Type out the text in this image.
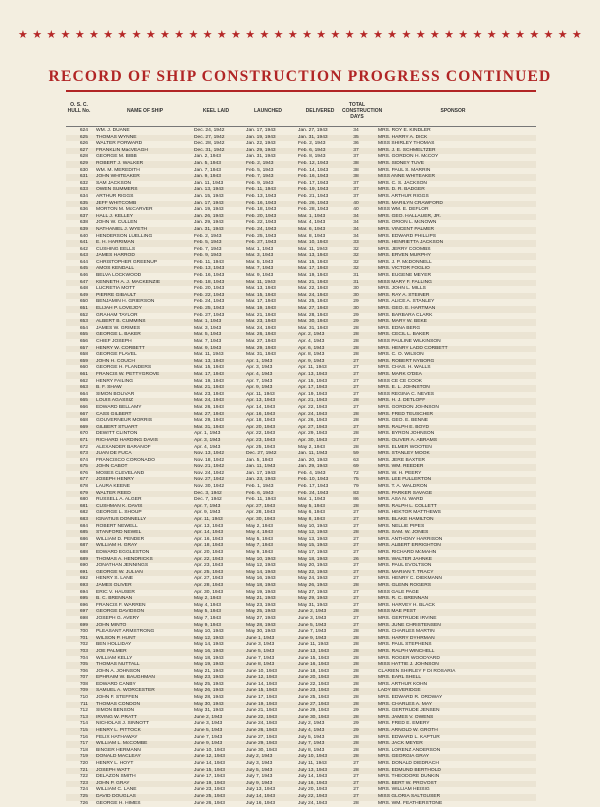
★ ★ ★ ★ ★ ★ ★ ★ ★ ★ ★ ★ ★ ★ ★ ★ ★ ★ ★ ★ ★ ★ ★ ★ ★ ★ ★ ★ ★ ★ ★ ★ ★ ★ ★ ★ ★ ★ ★ ★
RECORD OF SHIP CONSTRUCTION PROGRESS CONTINUED
O. S. C. HULL No.	NAME OF SHIP	KEEL LAID	LAUNCHED	DELIVERED
TOTAL CONSTRUCTION DAYS
SPONSOR
624 WM. J. DUANE	Dec. 24, 1942	Jan. 17, 1943	Jan. 27, 1943	34	MRS. ROY E. KINDLER
625 THOMAS WYNNE	Dec. 27, 1942	Jan. 19, 1943	Jan. 31, 1943	35	MRS. HARRY A. DICK
626 WALTER FORWARD	Dec. 28, 1942	Jan. 22, 1943	Feb. 2, 1943	36	MISS SHIRLEY THOMAS
627 FRANKLIN MacVEAGH	Dec. 31, 1942	Jan. 29, 1943	Feb. 6, 1943	37	MRS. J. E. SCHMELTZER
628 GEORGE M. BIBB	Jan. 2, 1943	Jan. 31, 1943	Feb. 8, 1943	37	MRS. GORDON H. McCOY
629 ROBERT J. WALKER	Jan. 5, 1943	Feb. 2, 1943	Feb. 12, 1943	38	MRS. SIDNEY TUVE
630 WM. M. MEREDITH	Jan. 7, 1943	Feb. 5, 1943	Feb. 14, 1943	38	MRS. PAUL S. MARRIN
631 JOHN WHITEAKER	Jan. 9, 1943	Feb. 7, 1943	Feb. 16, 1943	38	MISS ANNE WHITEAKER
632 SAM JACKSON	Jan. 11, 1943	Feb. 9, 1943	Feb. 17, 1943	37	MRS. C. S. JACKSON
633 OWEN SUMMERS	Jan. 13, 1943	Feb. 11, 1943	Feb. 19, 1943	37	MRS. D. R. BADGER
634 ARTHUR RIGGS	Jan. 15, 1943	Feb. 13, 1943	Feb. 21, 1943	37	MRS. ARTHUR RIGGS
635 JEFF WHITCOMB	Jan. 17, 1943	Feb. 16, 1943	Feb. 26, 1943	40	MRS. MARILYN CRAWFORD
636 MORTON M. McCARVER	Jan. 19, 1943	Feb. 18, 1943	Feb. 28, 1943	40	MISS WM. E. DEFLOR
637 HALL J. KELLEY	Jan. 26, 1943	Feb. 20, 1943	Mar. 1, 1943	34	MRS. GEO. HALLAUER, JR.
638 JOHN W. CULLEN	Jan. 29, 1943	Feb. 22, 1943	Mar. 4, 1943	34	MRS. ORION L. McNOWN
639 NATHANIEL J. WYETH	Jan. 31, 1943	Feb. 24, 1943	Mar. 6, 1943	34	MRS. VINCENT PALMER
640 HENDERSON LUELLING	Feb. 2, 1943	Feb. 25, 1943	Mar. 8, 1943	34	MRS. EDWARD PHILLIPS
641 E. H. HARRIMAN	Feb. 5, 1943	Feb. 27, 1943	Mar. 10, 1943	33	MRS. HENRIETTA JACKSON
642 CUSHING EELLS	Feb. 7, 1943	Mar. 1, 1943	Mar. 11, 1943	32	MRS. JERRY COOMBS
643 JAMES HARROD	Feb. 9, 1943	Mar. 3, 1943	Mar. 13, 1943	32	MRS. ERVEN MURPHY
644 CHRISTOPHER GREENUP	Feb. 11, 1943	Mar. 5, 1943	Mar. 15, 1943	32	MRS. J. P. McDONNELL
645 AMOS KENDALL	Feb. 13, 1943	Mar. 7, 1943	Mar. 17, 1943	32	MRS. VICTOR FOGLIO
646 BELVA LOCKWOOD	Feb. 16, 1943	Mar. 9, 1943	Mar. 19, 1943	31	MRS. EUGENE MEYER
647 KENNETH A. J. MACKENZIE	Feb. 18, 1943	Mar. 11, 1943	Mar. 21, 1943	31	MISS MARY F. FALLING
648 LUCRETIA MOTT	Feb. 20, 1943	Mar. 13, 1943	Mar. 22, 1943	30	MRS. JOHN L. MILLS
649 PIERRE GIBAULT	Feb. 22, 1943	Mar. 15, 1943	Mar. 24, 1943	30	MRS. RAY A. STEINER
650 BENJAMIN H. GRIERSON	Feb. 24, 1943	Mar. 17, 1943	Mar. 25, 1943	29	MRS. ALICE A. STANLEY
651 ELIJAH P. LOVEJOY	Feb. 25, 1943	Mar. 19, 1943	Mar. 27, 1943	30	MRS. GEO. E. HARTMAN
652 GRAHAM TAYLOR	Feb. 27, 1943	Mar. 21, 1943	Mar. 28, 1943	29	MRS. BARBARA CLARK
653 ALBERT B. CUMMINS	Mar. 1, 1943	Mar. 23, 1943	Mar. 30, 1943	29	MRS. MARY W. BEKE
654 JAMES W. GRIMES	Mar. 3, 1943	Mar. 24, 1943	Mar. 31, 1943	28	MRS. EDNA BERG
655 GEORGE L. BAKER	Mar. 5, 1943	Mar. 26, 1943	Apr. 2, 1943	28	MRS. CECIL L. BAKER
656 CHIEF JOSEPH	Mar. 7, 1943	Mar. 27, 1943	Apr. 4, 1943	28	MISS PAULINE WILKINSON
657 HENRY W. CORBETT	Mar. 9, 1943	Mar. 29, 1943	Apr. 6, 1943	28	MRS. HENRY LADD CORBETT
658 GEORGE FLAVEL	Mar. 11, 1943	Mar. 31, 1943	Apr. 8, 1943	28	MRS. C. O. WILSON
659 JOHN H. COUCH	Mar. 13, 1943	Apr. 1, 1943	Apr. 9, 1943	27	MRS. ROBERT NYBORG
660 GEORGE H. FLANDERS	Mar. 15, 1943	Apr. 3, 1943	Apr. 11, 1943	27	MRS. CHAS. H. WALLS
661 FRANCIS W. PETTYGROVE	Mar. 17, 1943	Apr. 4, 1943	Apr. 13, 1943	27	MRS. MARK O'DEA
662 HENRY FAILING	Mar. 19, 1943	Apr. 7, 1943	Apr. 15, 1943	27	MISS CE CE COOK
663 B. F. SHAW	Mar. 21, 1943	Apr. 9, 1943	Apr. 17, 1943	27	MRS. E. L. JOHNSTON
664 SIMON BOLIVAR	Mar. 23, 1943	Apr. 11, 1943	Apr. 19, 1943	27	MISS REGINA C. NEVES
665 LOUIS AGASSIZ	Mar. 24, 1943	Apr. 13, 1943	Apr. 21, 1943	28	MRS. H. J. DETLOFF
666 EDWARD BELLAMY	Mar. 26, 1943	Apr. 14, 1943	Apr. 22, 1943	27	MRS. GORDON JOHNSON
667 CASS GILBERT	Mar. 27, 1943	Apr. 16, 1943	Apr. 24, 1943	28	MRS. FRED TEUSCHER
668 GOUVERNEUR MORRIS	Mar. 29, 1943	Apr. 18, 1943	Apr. 26, 1943	28	MRS. GEO. E. BENNE
669 GILBERT STUART	Mar. 31, 1943	Apr. 20, 1943	Apr. 27, 1943	27	MRS. RALPH E. BOYD
670 DEWITT CLINTON	Apr. 1, 1943	Apr. 22, 1943	Apr. 29, 1943	28	MRS. BYRON JOHNSON
671 RICHARD HARDING DAVIS	Apr. 3, 1943	Apr. 23, 1943	Apr. 30, 1943	27	MRS. OLIVER A. ABRAMS
672 ALEXANDER BARANOF	Apr. 4, 1943	Apr. 25, 1943	May 2, 1943	28	MRS. ELMER WOOTEN
673 JUAN DE FUCA	Nov. 13, 1942	Dec. 27, 1942	Jan. 11, 1943	59	MRS. STANLEY MOOK
674 FRANCISCO CORONADO	Nov. 18, 1942	Jan. 5, 1943	Jan. 20, 1943	63	MRS. JERE BAXTER
675 JOHN CABOT	Nov. 21, 1942	Jan. 11, 1943	Jan. 29, 1943	69	MRS. WM. REEDER
676 MOSES CLEVELAND	Nov. 24, 1942	Jan. 17, 1943	Feb. 4, 1943	72	MRS. W. H. PEERY
677 JOSEPH HENRY	Nov. 27, 1942	Jan. 23, 1943	Feb. 10, 1943	75	MRS. LEE FULLERTON
678 LAURA KEENE	Nov. 30, 1942	Feb. 1, 1943	Feb. 17, 1943	79	MRS. T. A. WALDRON
679 WALTER REED	Dec. 3, 1942	Feb. 6, 1943	Feb. 24, 1943	83	MRS. PARKER SAVAGE
680 RUSSELL A. ALGER	Dec. 7, 1942	Feb. 11, 1943	Mar. 1, 1943	86	MRS. ASA N. WARD
681 CUSHMAN K. DAVIS	Apr. 7, 1943	Apr. 27, 1943	May 5, 1943	28	MRS. RALPH L. COLLETT
682 GEORGE L. SHOUP	Apr. 9, 1943	Apr. 28, 1943	May 6, 1943	27	MRS. HEKTOR MATTHEWS
683 IGNATIUS DONNELLY	Apr. 11, 1943	Apr. 30, 1943	May 8, 1943	27	MRS. BLAKE HAMILTON
684 ROBERT NEWELL	Apr. 13, 1943	May 2, 1943	May 10, 1943	27	MRS. NELLIE PIPES
685 STANFORD NEWEL	Apr. 14, 1943	May 4, 1943	May 12, 1943	28	MRS. SAM. W. JONES
686 WILLIAM D. PENDER	Apr. 16, 1943	May 5, 1943	May 13, 1943	27	MRS. ANTHONY HARRISON
687 WILLIAM H. GRAY	Apr. 18, 1943	May 7, 1943	May 15, 1943	27	MRS. ALBERT ERRIGHTON
688 EDWARD EGGLESTON	Apr. 20, 1943	May 9, 1943	May 17, 1943	27	MRS. RICHARD McMAHN
689 THOMAS A. HENDRICKS	Apr. 22, 1943	May 10, 1943	May 18, 1943	26	MRS. WALTER JAHNKE
690 JONATHAN JENNINGS	Apr. 23, 1943	May 12, 1943	May 20, 1943	27	MRS. PAUL EVOLTSON
691 GEORGE W. JULIAN	Apr. 25, 1943	May 14, 1943	May 22, 1943	27	MRS. MARIAN T. TRACY
692 HENRY S. LANE	Apr. 27, 1943	May 16, 1943	May 24, 1943	27	MRS. HENRY C. DIEKMANN
693 JAMES OLIVER	Apr. 28, 1943	May 18, 1943	May 26, 1943	28	MRS. GLENN ROGERS
694 ERIC V. HAUSER	Apr. 30, 1943	May 19, 1943	May 27, 1943	27	MISS GALE PAGE
695 B. C. BRENNAN	May 2, 1943	May 21, 1943	May 29, 1943	27	MRS. R. C. BRENNAN
696 FRANCIS F. WARREN	May 4, 1943	May 23, 1943	May 31, 1943	27	MRS. HARVEY H. BLACK
697 GEORGE DAVIDSON	May 5, 1943	May 25, 1943	June 2, 1943	28	MISS MAE PEST
698 JOSEPH G. AVERY	May 7, 1943	May 27, 1943	June 3, 1943	27	MRS. GERTRUDE IRVINE
699 JOHN MINTO	May 9, 1943	May 28, 1943	June 5, 1943	27	MRS. JUNE CHRISTENSEN
700 PLEASANT ARMSTRONG	May 10, 1943	May 30, 1943	June 7, 1943	28	MRS. CHARLES MARTIN
701 WILSON P. HUNT	May 12, 1943	June 1, 1943	June 9, 1943	28	MRS. HARRY DYHRMAN
702 BEN HOLLIDAY	May 14, 1943	June 3, 1943	June 11, 1943	28	MRS. PAUL STEPHENS
703 JOE PALMER	May 16, 1943	June 5, 1943	June 13, 1943	28	MRS. RALPH WINCHELL
704 WILLIAM KELLY	May 18, 1943	June 7, 1943	June 15, 1943	28	MRS. ROGER WOODYARD
705 THOMAS NUTTALL	May 19, 1943	June 8, 1943	June 16, 1943	28	MISS HATTIE J. JOHNSON
706 JOHN A. JOHNSON	May 21, 1943	June 10, 1943	June 18, 1943	28	CLARIEN SHIRLEY F DI ROSARIA
707 EPHRAIM W. BAUGHMAN	May 23, 1943	June 12, 1943	June 20, 1943	28	MRS. EARL SHELL
708 EDWARD CANBY	May 25, 1943	June 14, 1943	June 22, 1943	28	MRS. ARTHUR KOHN
709 SAMUEL A. WORCESTER	May 26, 1943	June 15, 1943	June 23, 1943	28	LADY BEVERIDGE
710 JOHN F. STEFFEN	May 28, 1943	June 17, 1943	June 25, 1943	28	MRS. EDWARD R. ORDWAY
711 THOMAS CONDON	May 30, 1943	June 19, 1943	June 27, 1943	28	MRS. CHARLES A. MAY
712 SIMON BENSON	May 31, 1943	June 21, 1943	June 29, 1943	29	MRS. GERTRUDE JENSEN
713 IRVING W. PRATT	June 2, 1943	June 22, 1943	June 30, 1943	28	MRS. JAMES V. OWENS
714 NICHOLAS J. SINNOTT	June 3, 1943	June 24, 1943	July 2, 1943	29	MRS. FRED E. EMERY
715 HENRY L. PITTOCK	June 5, 1943	June 26, 1943	July 4, 1943	29	MRS. ARNOLD W. GROTH
716 FELIX HATHAWAY	June 7, 1943	June 27, 1943	July 5, 1943	28	MRS. EDWARD L. KAPTUR
717 WILLIAM L. McCOMBE	June 9, 1943	June 29, 1943	July 7, 1943	28	MRS. JACK MEYER
718 BINGER HERMANN	June 10, 1943	June 30, 1943	July 8, 1943	28	MRS. LORENZ ANDERSON
719 DONALD MACLEAY	June 12, 1943	July 2, 1943	July 10, 1943	28	MRS. GEORGIA GRAY
720 HENRY L. HOYT	June 14, 1943	July 3, 1943	July 11, 1943	27	MRS. DONALD DIEDRACH
721 JOSEPH WATT	June 15, 1943	July 5, 1943	July 13, 1943	28	MRS. EDMUND BERTHOLD
722 DELAZON SMITH	June 17, 1943	July 7, 1943	July 14, 1943	27	MRS. THEODORE DUNKIN
723 JOHN P. GRAY	June 19, 1943	July 9, 1943	July 16, 1943	27	MRS. BERT W. PROVOST
724 WILLIAM C. LANE	June 23, 1943	July 13, 1943	July 20, 1943	27	MRS. WILLIAM HEISIG
725 DAVID DOUGLAS	June 25, 1943	July 14, 1943	July 22, 1943	27	MISS GLORIA SALTGUSER
726 GEORGE H. HIMES	June 26, 1943	July 16, 1943	July 24, 1943	28	MRS. WM. FEATHERSTONE
